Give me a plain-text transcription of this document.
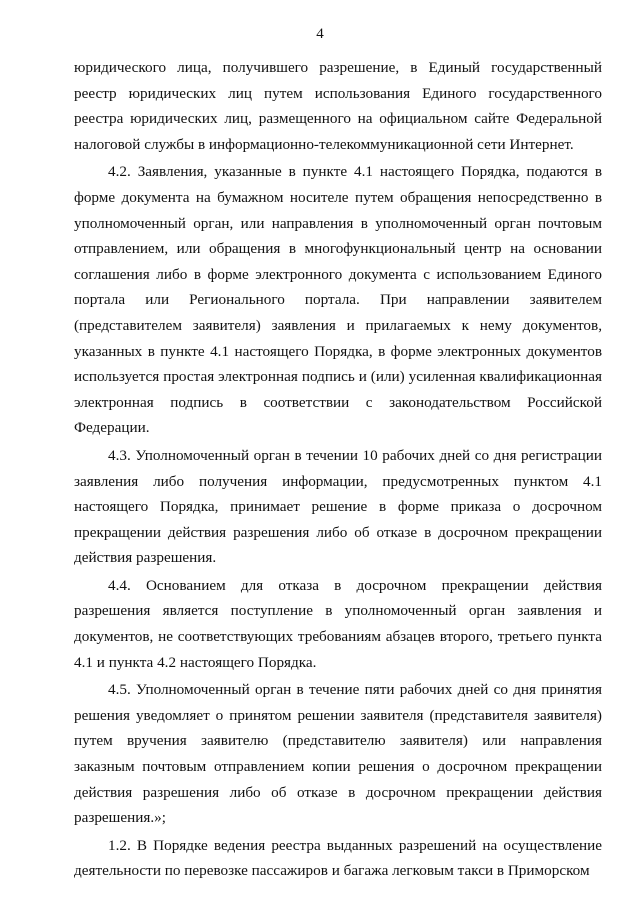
4

юридического лица, получившего разрешение, в Единый государственный реестр юридических лиц путем использования Единого государственного реестра юридических лиц, размещенного на официальном сайте Федеральной налоговой службы в информационно-телекоммуникационной сети Интернет.

4.2. Заявления, указанные в пункте 4.1 настоящего Порядка, подаются в форме документа на бумажном носителе путем обращения непосредственно в уполномоченный орган, или направления в уполномоченный орган почтовым отправлением, или обращения в многофункциональный центр на основании соглашения либо в форме электронного документа с использованием Единого портала или Регионального портала. При направлении заявителем (представителем заявителя) заявления и прилагаемых к нему документов, указанных в пункте 4.1 настоящего Порядка, в форме электронных документов используется простая электронная подпись и (или) усиленная квалификационная электронная подпись в соответствии с законодательством Российской Федерации.

4.3. Уполномоченный орган в течении 10 рабочих дней со дня регистрации заявления либо получения информации, предусмотренных пунктом 4.1 настоящего Порядка, принимает решение в форме приказа о досрочном прекращении действия разрешения либо об отказе в досрочном прекращении действия разрешения.

4.4. Основанием для отказа в досрочном прекращении действия разрешения является поступление в уполномоченный орган заявления и документов, не соответствующих требованиям абзацев второго, третьего пункта 4.1 и пункта 4.2 настоящего Порядка.

4.5. Уполномоченный орган в течение пяти рабочих дней со дня принятия решения уведомляет о принятом решении заявителя (представителя заявителя) путем вручения заявителю (представителю заявителя) или направления заказным почтовым отправлением копии решения о досрочном прекращении действия разрешения либо об отказе в досрочном прекращении действия разрешения.»;

1.2. В Порядке ведения реестра выданных разрешений на осуществление деятельности по перевозке пассажиров и багажа легковым такси в Приморском
